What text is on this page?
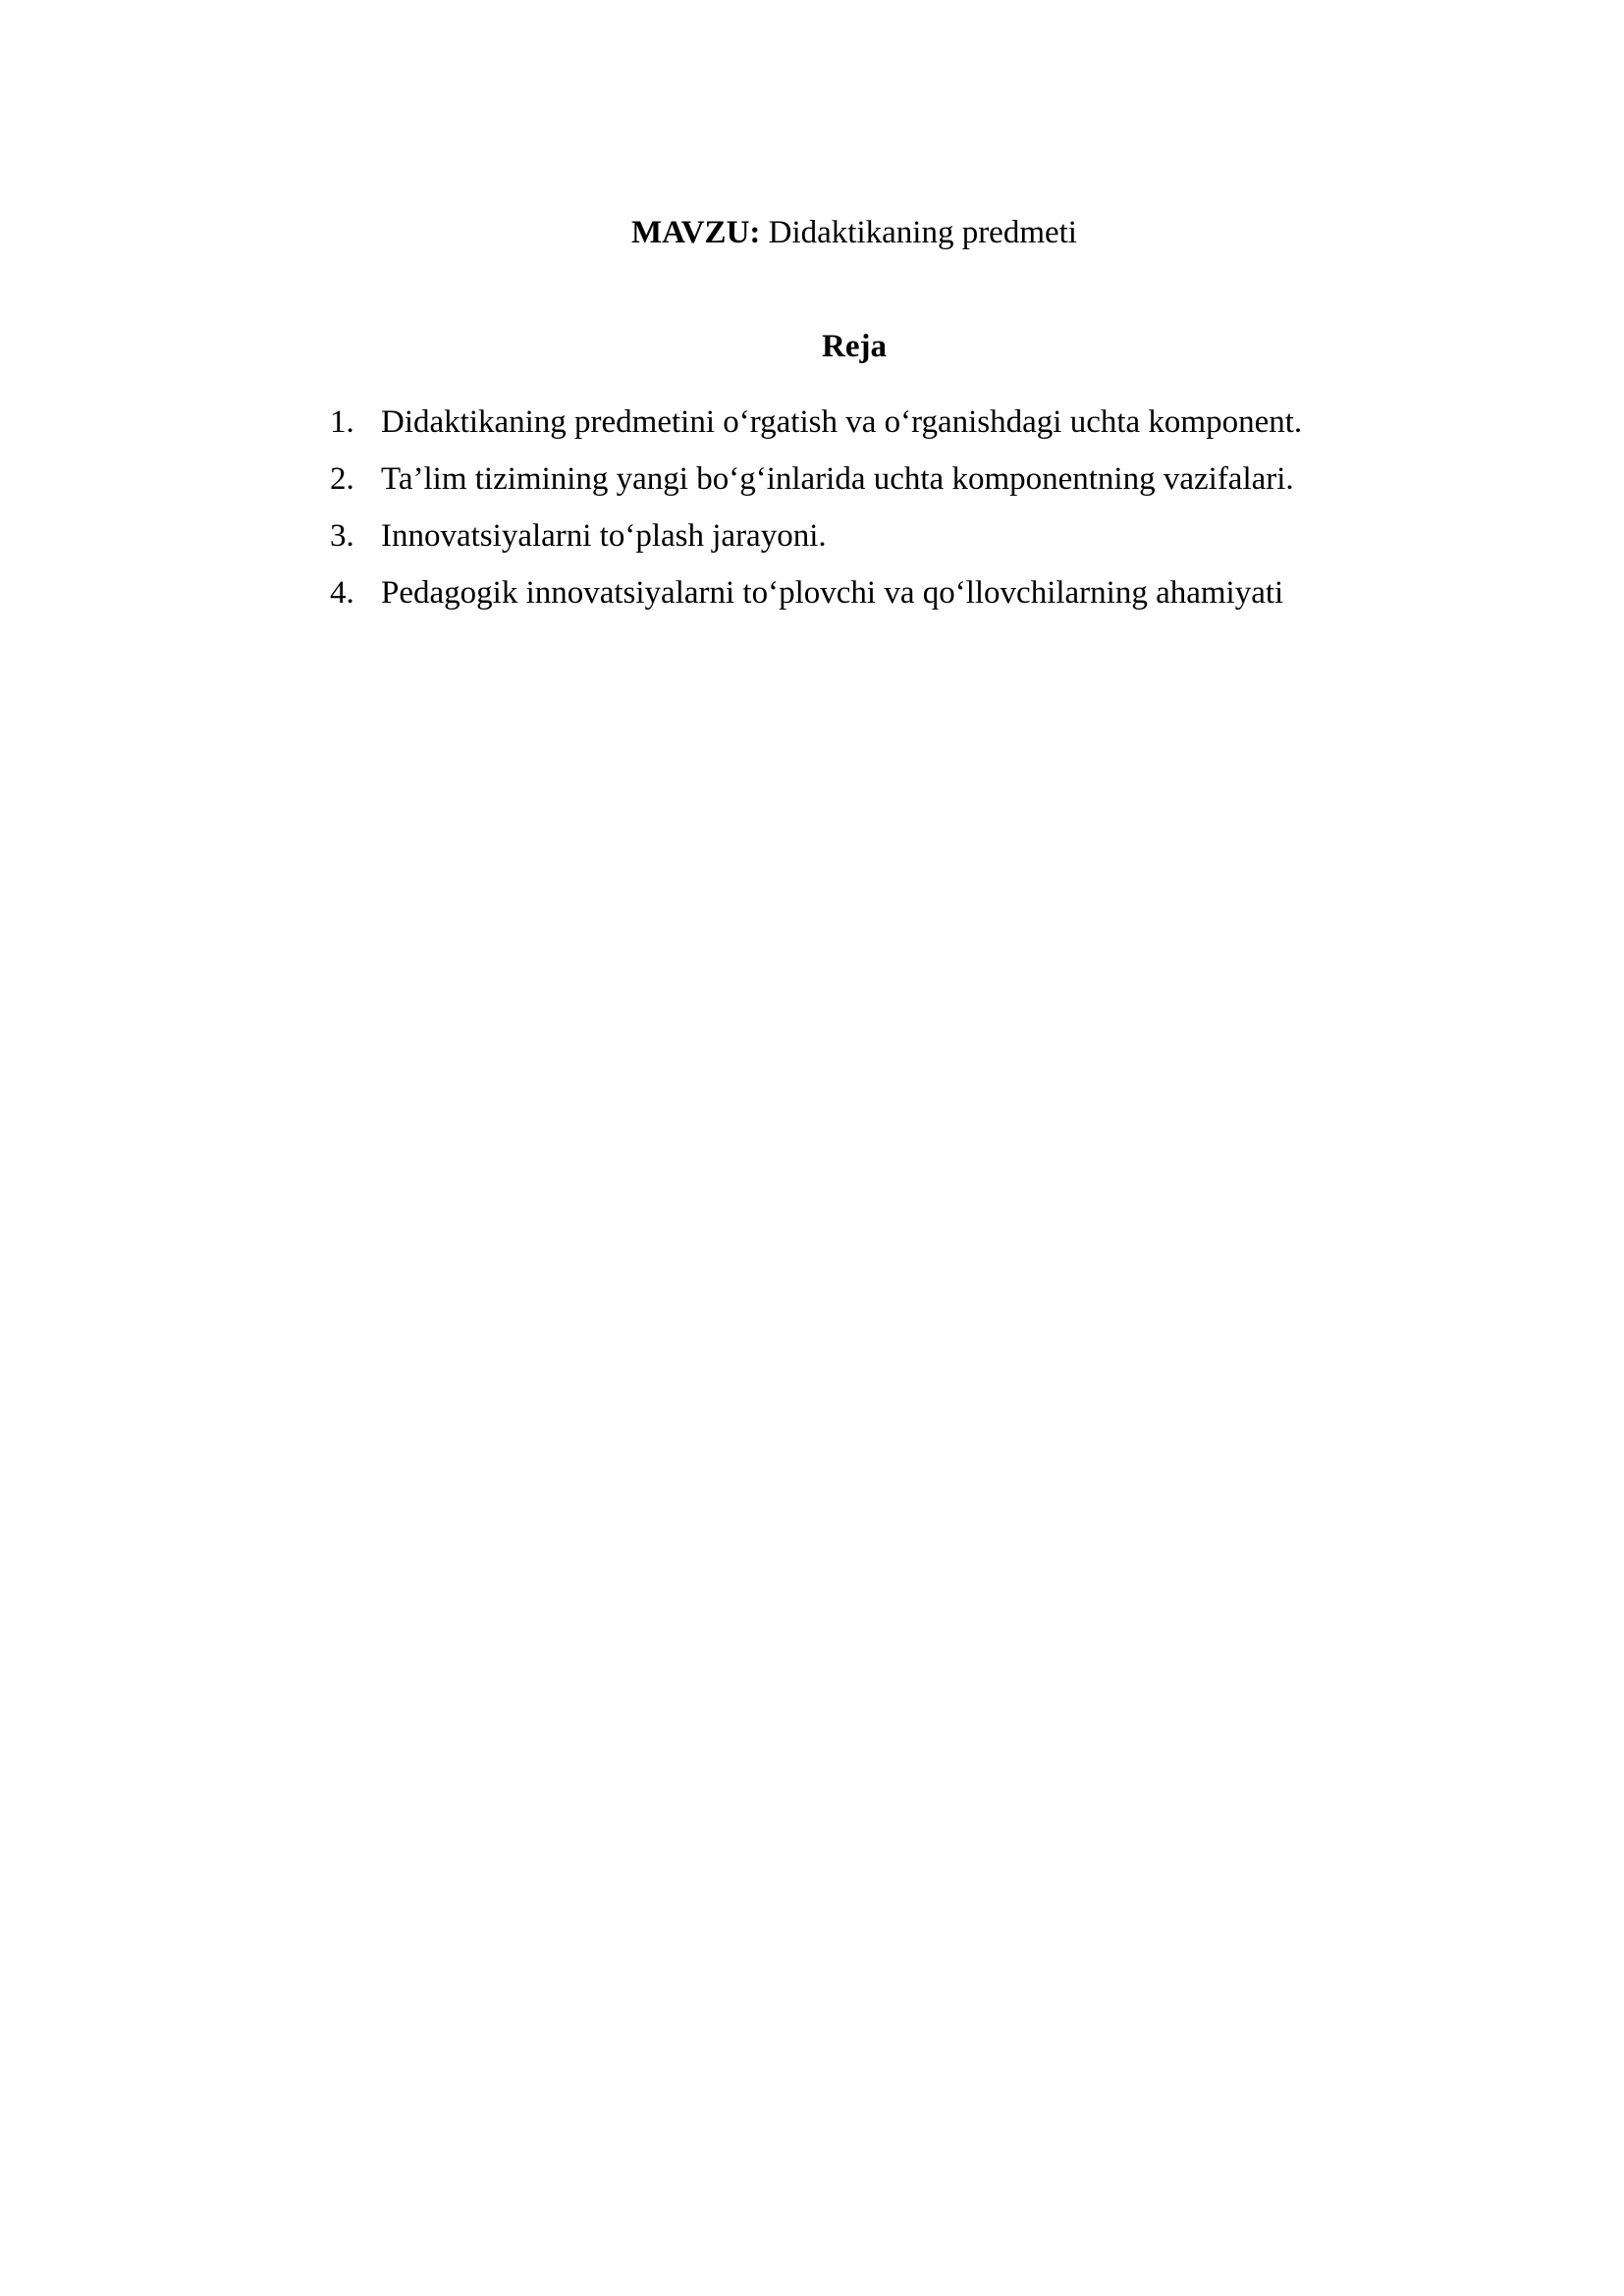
MAVZU: Didaktikaning predmeti
Reja
1. Didaktikaning predmetini o‘rgatish va o‘rganishdagi uchta komponent.
2. Ta’lim tizimining yangi bo‘g‘inlarida uchta komponentning vazifalari.
3. Innovatsiyalarni to‘plash jarayoni.
4. Pedagogik innovatsiyalarni to‘plovchi va qo‘llovchilarning ahamiyati
